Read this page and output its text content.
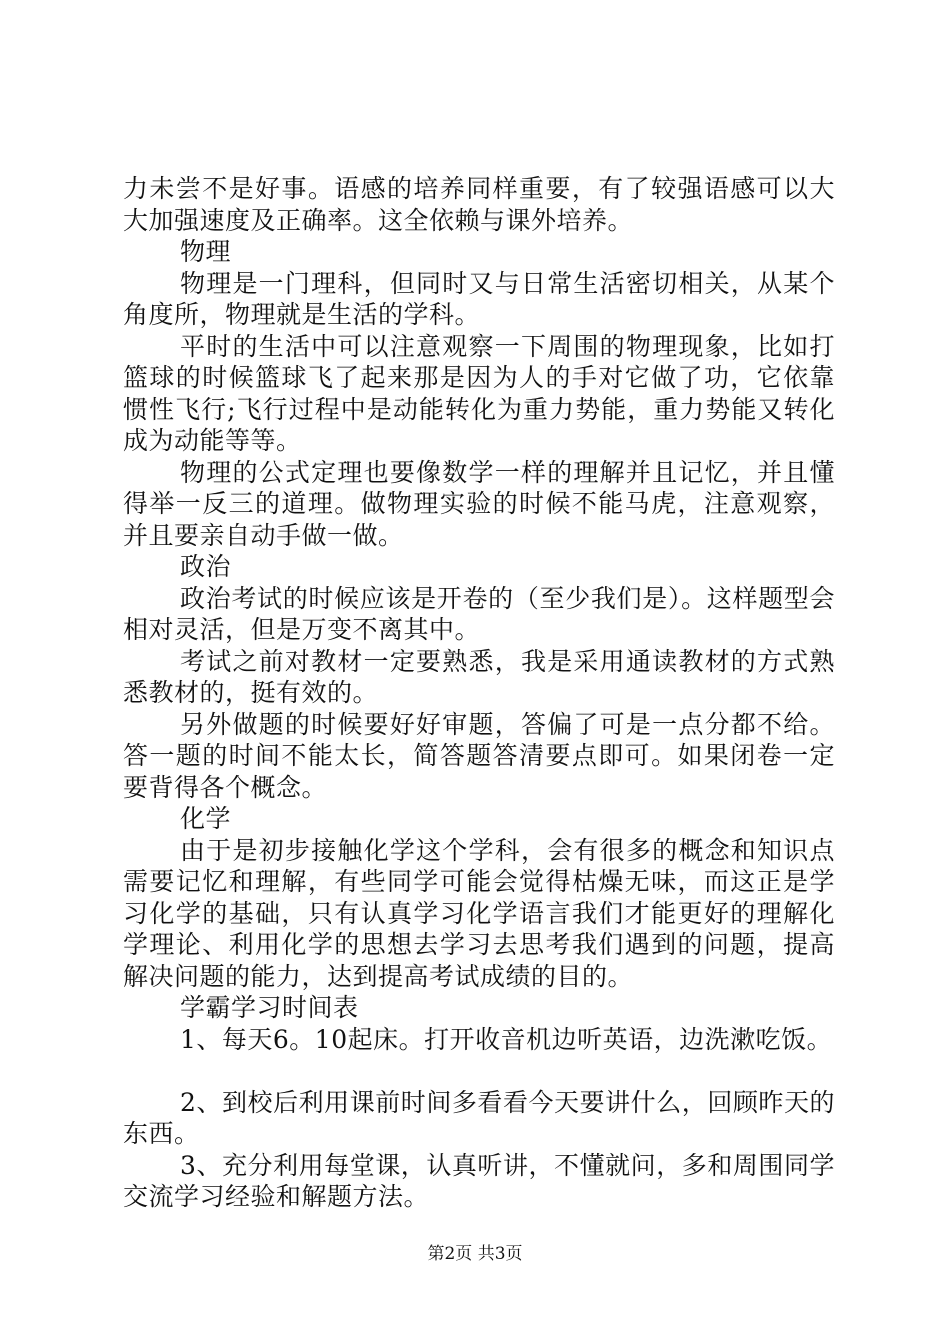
力未尝不是好事。语感的培养同样重要，有了较强语感可以大大加强速度及正确率。这全依赖与课外培养。

物理

物理是一门理科，但同时又与日常生活密切相关，从某个角度所，物理就是生活的学科。

平时的生活中可以注意观察一下周围的物理现象，比如打篮球的时候篮球飞了起来那是因为人的手对它做了功，它依靠惯性飞行;飞行过程中是动能转化为重力势能，重力势能又转化成为动能等等。

物理的公式定理也要像数学一样的理解并且记忆，并且懂得举一反三的道理。做物理实验的时候不能马虎，注意观察，并且要亲自动手做一做。

政治

政治考试的时候应该是开卷的（至少我们是）。这样题型会相对灵活，但是万变不离其中。

考试之前对教材一定要熟悉，我是采用通读教材的方式熟悉教材的，挺有效的。

另外做题的时候要好好审题，答偏了可是一点分都不给。答一题的时间不能太长，简答题答清要点即可。如果闭卷一定要背得各个概念。

化学

由于是初步接触化学这个学科，会有很多的概念和知识点需要记忆和理解，有些同学可能会觉得枯燥无味，而这正是学习化学的基础，只有认真学习化学语言我们才能更好的理解化学理论、利用化学的思想去学习去思考我们遇到的问题，提高解决问题的能力，达到提高考试成绩的目的。

学霸学习时间表

1、每天6。10起床。打开收音机边听英语，边洗漱吃饭。

2、到校后利用课前时间多看看今天要讲什么，回顾昨天的东西。

3、充分利用每堂课，认真听讲，不懂就问，多和周围同学交流学习经验和解题方法。

第2页 共3页
